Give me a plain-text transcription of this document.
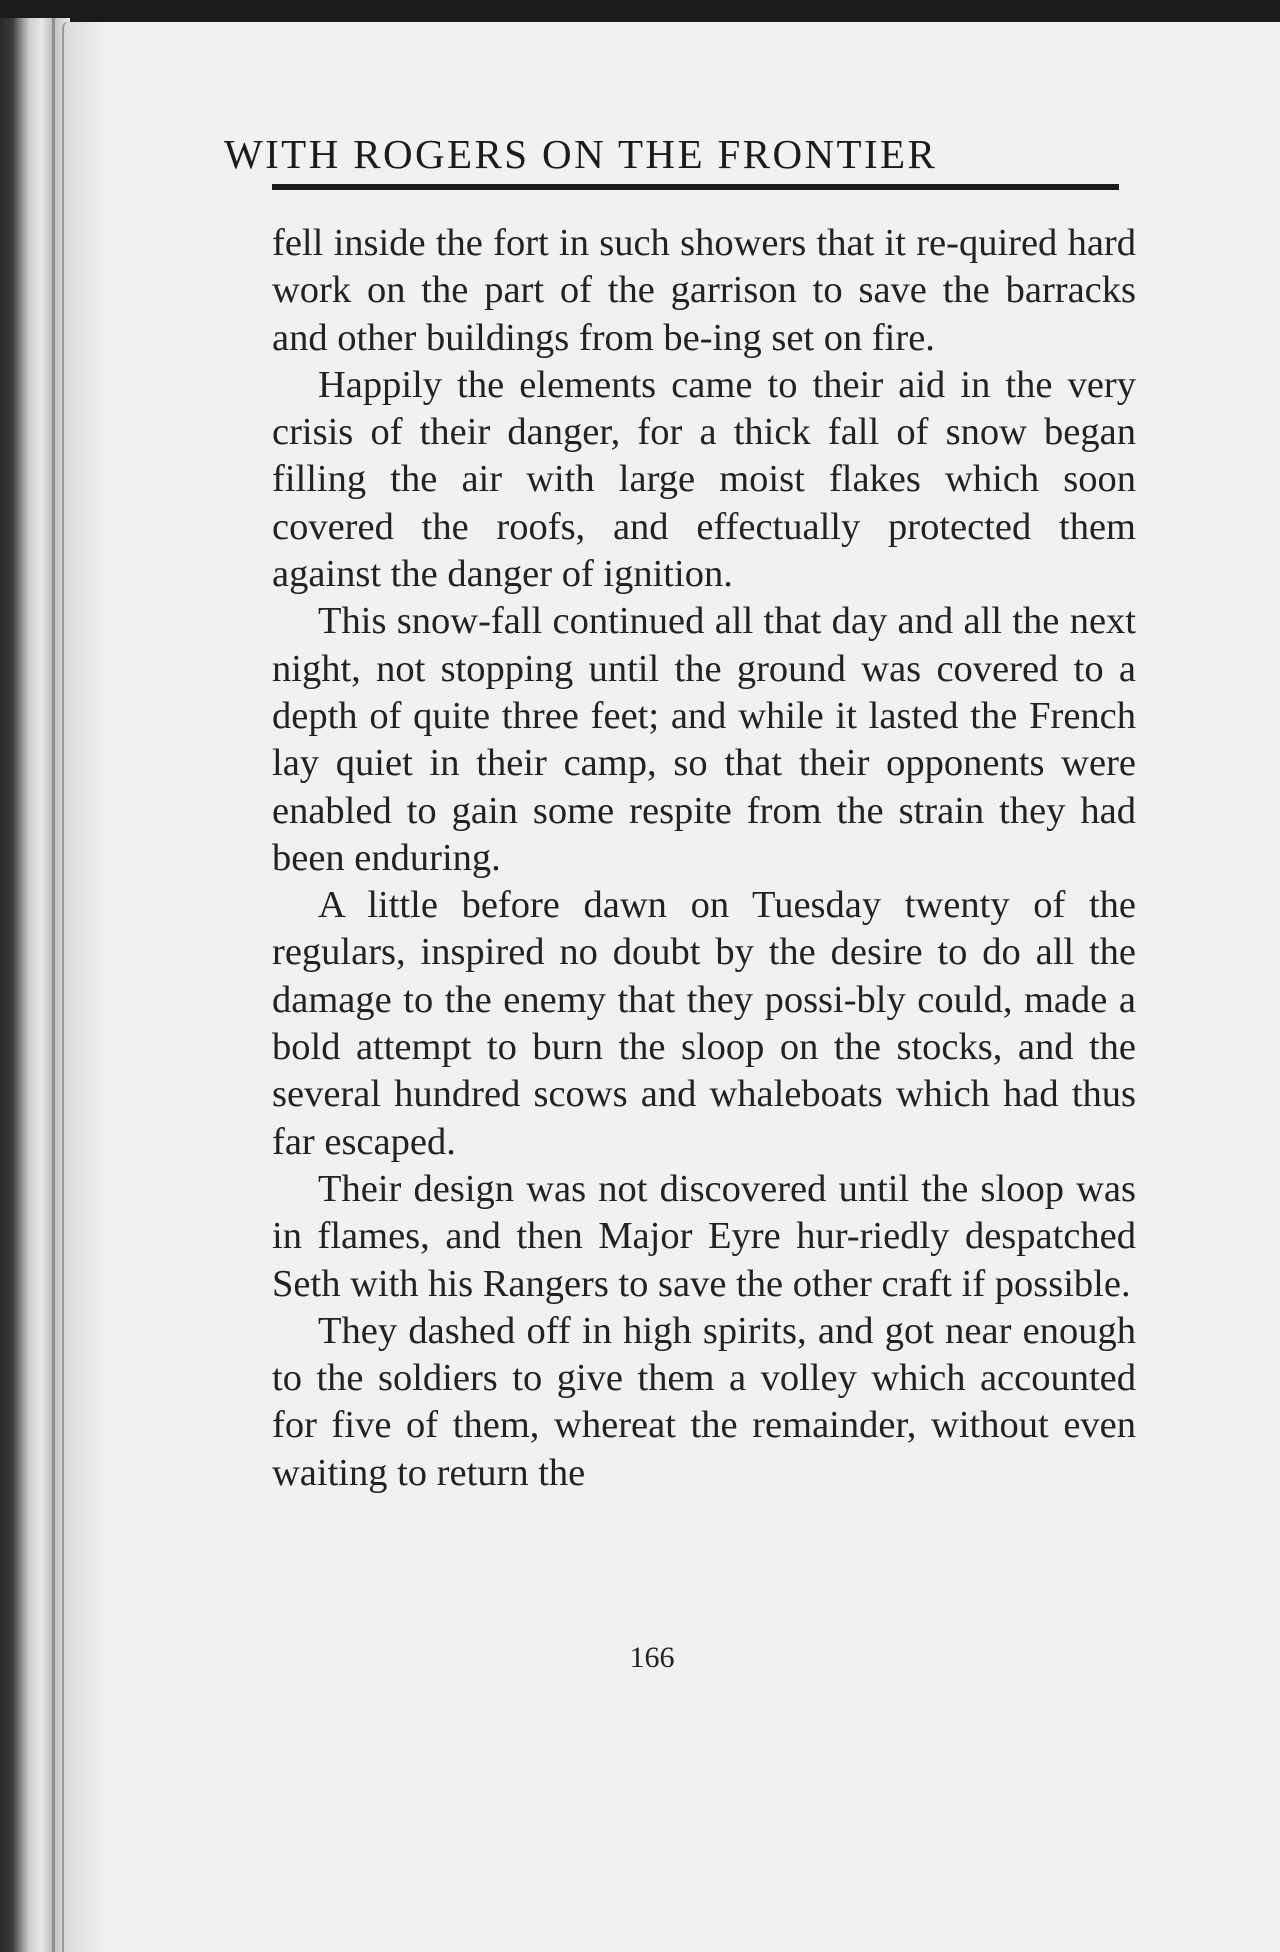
WITH ROGERS ON THE FRONTIER

fell inside the fort in such showers that it re-quired hard work on the part of the garrison to save the barracks and other buildings from be-ing set on fire.

Happily the elements came to their aid in the very crisis of their danger, for a thick fall of snow began filling the air with large moist flakes which soon covered the roofs, and effectually protected them against the danger of ignition.

This snow-fall continued all that day and all the next night, not stopping until the ground was covered to a depth of quite three feet; and while it lasted the French lay quiet in their camp, so that their opponents were enabled to gain some respite from the strain they had been enduring.

A little before dawn on Tuesday twenty of the regulars, inspired no doubt by the desire to do all the damage to the enemy that they possi-bly could, made a bold attempt to burn the sloop on the stocks, and the several hundred scows and whaleboats which had thus far escaped.

Their design was not discovered until the sloop was in flames, and then Major Eyre hur-riedly despatched Seth with his Rangers to save the other craft if possible.

They dashed off in high spirits, and got near enough to the soldiers to give them a volley which accounted for five of them, whereat the remainder, without even waiting to return the

166
